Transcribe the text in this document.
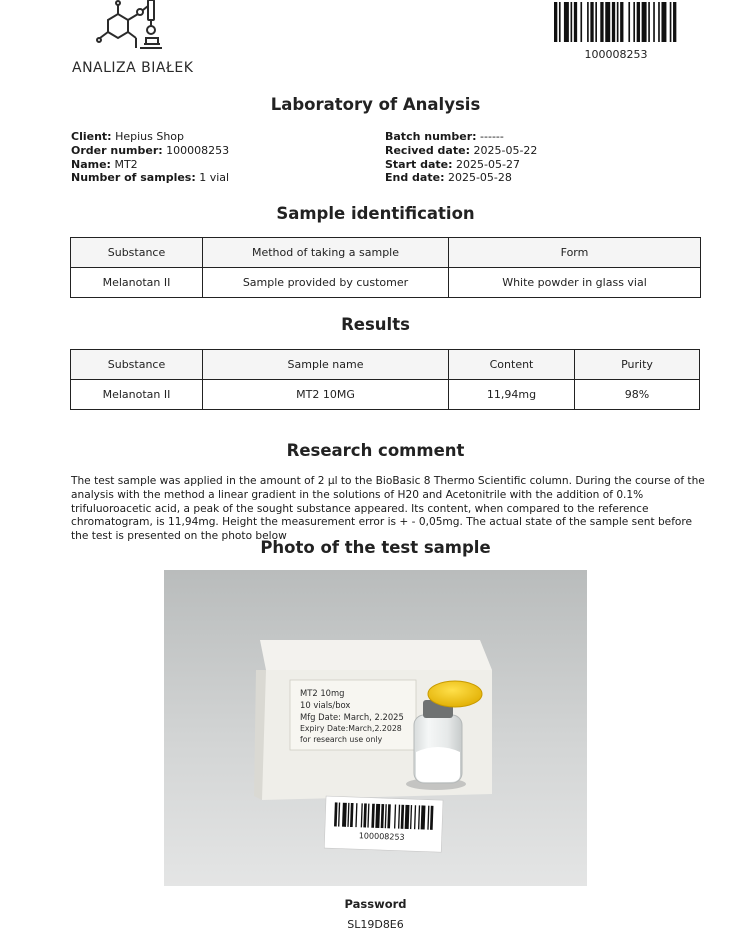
ANALIZA BIAŁEK
100008253
Laboratory of Analysis
Client: Hepius Shop
Order number: 100008253
Name: MT2
Number of samples: 1 vial
Batch number: ------
Recived date: 2025-05-22
Start date: 2025-05-27
End date: 2025-05-28
Sample identification
Substance	Method of taking a sample	Form
Melanotan II	Sample provided by customer	White powder in glass vial
Results
Substance	Sample name	Content	Purity
Melanotan II	MT2 10MG	11,94mg	98%
Research comment
The test sample was applied in the amount of 2 µl to the BioBasic 8 Thermo Scientific column. During the course of the analysis with the method a linear gradient in the solutions of H20 and Acetonitrile with the addition of 0.1% trifuluoroacetic acid, a peak of the sought substance appeared. Its content, when compared to the reference chromatogram, is 11,94mg. Height the measurement error is + - 0,05mg. The actual state of the sample sent before the test is presented on the photo below
Photo of the test sample
MT2 10mg
10 vials/box
Mfg Date: March, 2.2025
Expiry Date:March,2.2028
for research use only
100008253
Password
SL19D8E6
